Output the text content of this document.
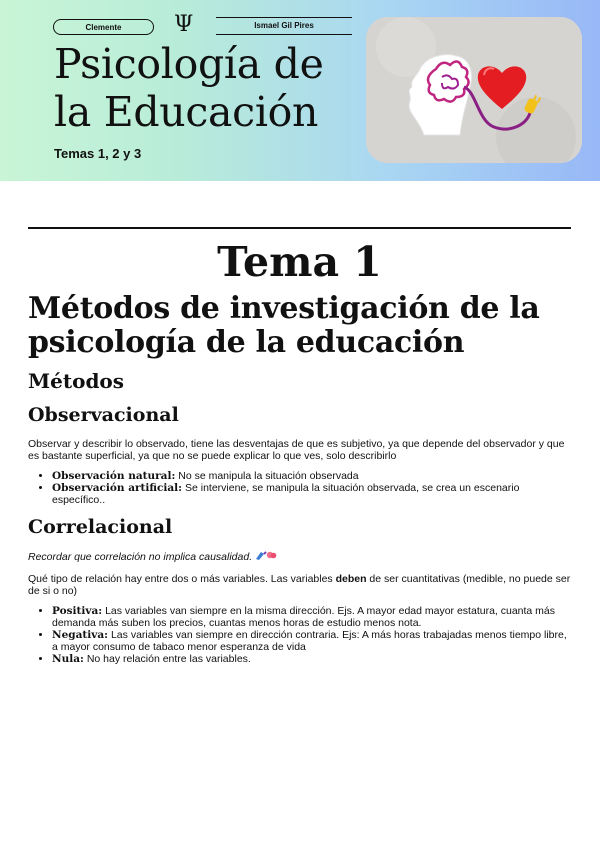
Clemente	Ψ	Ismael Gil Pires
Psicología de
la Educación
Temas 1, 2 y 3
Tema 1
Métodos de investigación de la psicología de la educación
Métodos
Observacional

Observar y describir lo observado, tiene las desventajas de que es subjetivo, ya que depende del observador y que es bastante superficial, ya que no se puede explicar lo que ves, solo describirlo

• Observación natural: No se manipula la situación observada
• Observación artificial: Se interviene, se manipula la situación observada, se crea un escenario específico..
Correlacional

Recordar que correlación no implica causalidad.

Qué tipo de relación hay entre dos o más variables. Las variables deben de ser cuantitativas (medible, no puede ser de si o no)

• Positiva: Las variables van siempre en la misma dirección. Ejs. A mayor edad mayor estatura, cuanta más demanda más suben los precios, cuantas menos horas de estudio menos nota.
• Negativa: Las variables van siempre en dirección contraria. Ejs: A más horas trabajadas menos tiempo libre, a mayor consumo de tabaco menor esperanza de vida
• Nula: No hay relación entre las variables.
